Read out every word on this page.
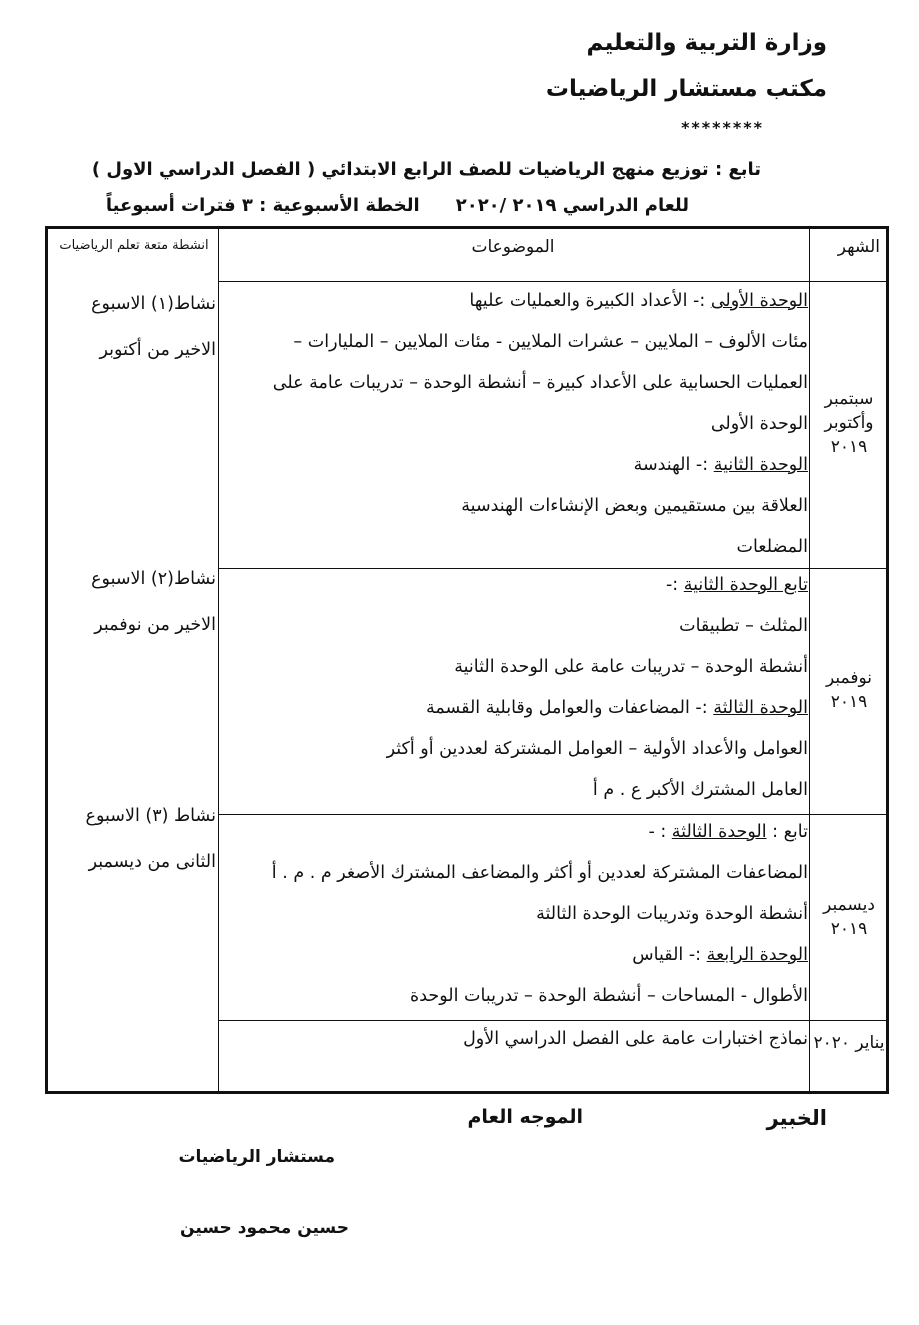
وزارة التربية والتعليم
مكتب مستشار الرياضيات
********
تابع : توزيع منهج الرياضيات للصف الرابع الابتدائي ( الفصل الدراسي الاول )
للعام الدراسي ٢٠١٩ /٢٠٢٠الخطة الأسبوعية : ٣ فترات أسبوعياً
الشهر
الموضوعات
انشطة متعة تعلم الرياضيات
الوحدة الأولى :- الأعداد الكبيرة والعمليات عليها
مئات الألوف – الملايين – عشرات الملايين - مئات الملايين – المليارات –
العمليات الحسابية على الأعداد كبيرة – أنشطة الوحدة – تدريبات عامة على
الوحدة الأولى
الوحدة الثانية :- الهندسة
العلاقة بين مستقيمين وبعض الإنشاءات الهندسية
المضلعات
سبتمبر وأكتوبر ٢٠١٩
نشاط(١) الاسبوع الاخير من أكتوبر
تابع الوحدة الثانية :-
المثلث – تطبيقات
أنشطة الوحدة – تدريبات عامة على الوحدة الثانية
الوحدة الثالثة :- المضاعفات والعوامل وقابلية القسمة
العوامل والأعداد الأولية – العوامل المشتركة لعددين أو أكثر
العامل المشترك الأكبر ع . م أ
نوفمبر ٢٠١٩
نشاط(٢) الاسبوع الاخير من نوفمبر
تابع : الوحدة الثالثة : -
المضاعفات المشتركة لعددين أو أكثر والمضاعف المشترك الأصغر م . م . أ
أنشطة الوحدة وتدريبات الوحدة الثالثة
الوحدة الرابعة :- القياس
الأطوال - المساحات – أنشطة الوحدة – تدريبات الوحدة
ديسمبر ٢٠١٩
نشاط (٣) الاسبوع الثانى من ديسمبر
نماذج اختبارات عامة على الفصل الدراسي الأول يناير ٢٠٢٠
الخبير
الموجه العام
مستشار الرياضيات
حسين محمود حسين
